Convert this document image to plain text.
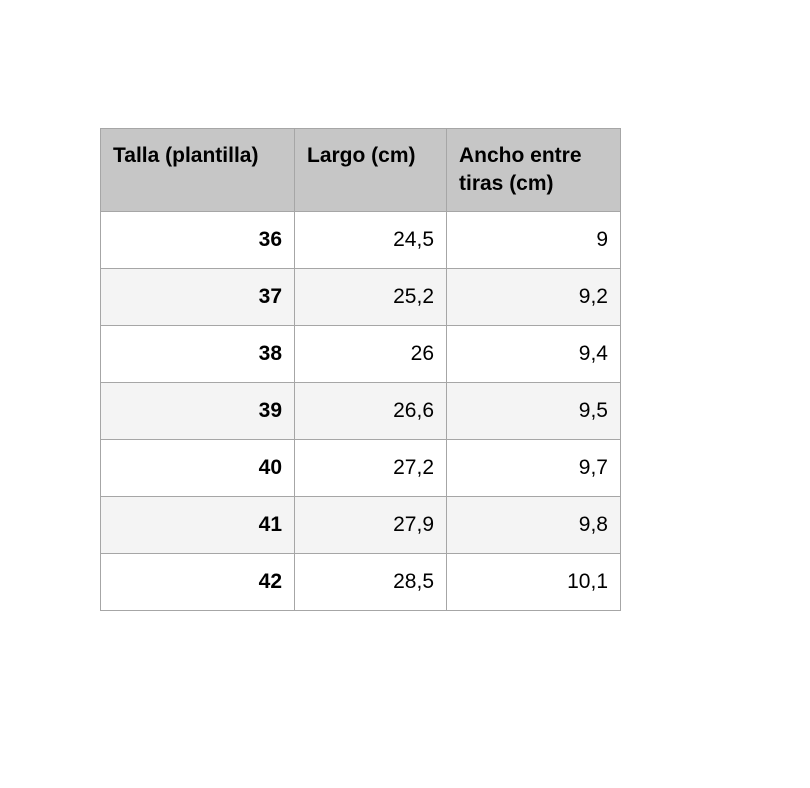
Talla (plantilla)	Largo (cm)	Ancho entre tiras (cm)
36	24,5	9
37	25,2	9,2
38	26	9,4
39	26,6	9,5
40	27,2	9,7
41	27,9	9,8
42	28,5	10,1
